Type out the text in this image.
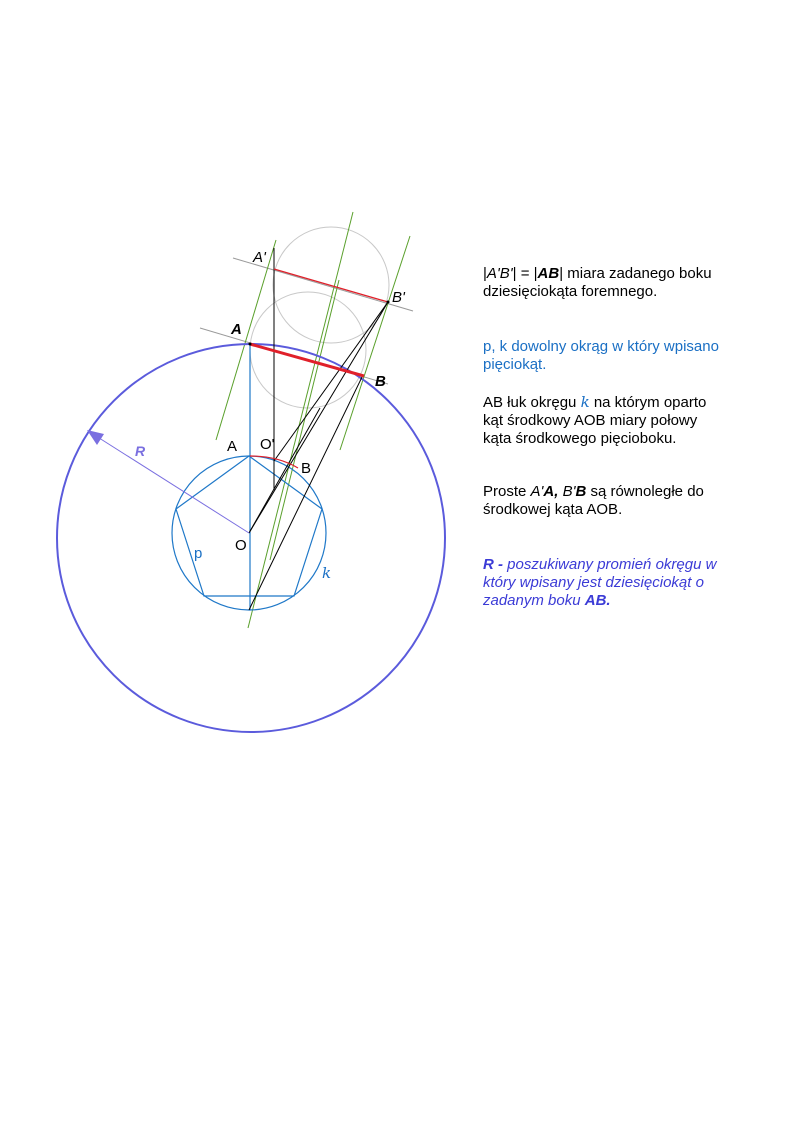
A'
B'
A
B
A O'
B
O
p
k
R
|A'B'| = |AB| miara zadanego boku dziesięciokąta foremnego.
p, k dowolny okrąg w który wpisano pięciokąt.
AB łuk okręgu k na którym oparto kąt środkowy AOB miary połowy kąta środkowego pięcioboku.
Proste A'A, B'B są równoległe do środkowej kąta AOB.
R - poszukiwany promień okręgu w który wpisany jest dziesięciokąt o zadanym boku AB.
